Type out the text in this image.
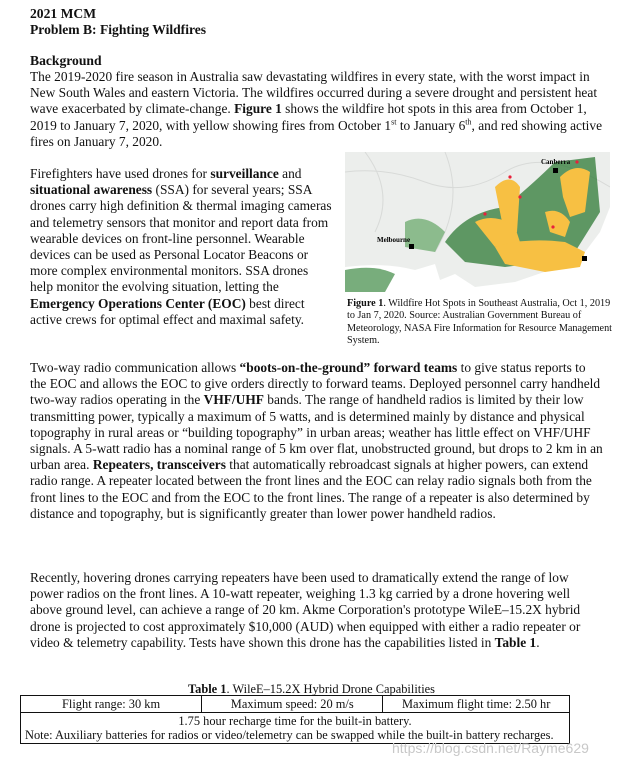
2021 MCM
Problem B: Fighting Wildfires
Background
The 2019-2020 fire season in Australia saw devastating wildfires in every state, with the worst impact in New South Wales and eastern Victoria. The wildfires occurred during a severe drought and persistent heat wave exacerbated by climate-change. Figure 1 shows the wildfire hot spots in this area from October 1, 2019 to January 7, 2020, with yellow showing fires from October 1st to January 6th, and red showing active fires on January 7, 2020.
Firefighters have used drones for surveillance and situational awareness (SSA) for several years; SSA drones carry high definition & thermal imaging cameras and telemetry sensors that monitor and report data from wearable devices on front-line personnel. Wearable devices can be used as Personal Locator Beacons or more complex environmental monitors. SSA drones help monitor the evolving situation, letting the Emergency Operations Center (EOC) best direct active crews for optimal effect and maximal safety.
Canberra
Melbourne
Figure 1. Wildfire Hot Spots in Southeast Australia, Oct 1, 2019 to Jan 7, 2020. Source: Australian Government Bureau of Meteorology, NASA Fire Information for Resource Management System.
Two-way radio communication allows “boots-on-the-ground” forward teams to give status reports to the EOC and allows the EOC to give orders directly to forward teams. Deployed personnel carry handheld two-way radios operating in the VHF/UHF bands. The range of handheld radios is limited by their low transmitting power, typically a maximum of 5 watts, and is determined mainly by distance and physical topography in rural areas or “building topography” in urban areas; weather has little effect on VHF/UHF signals. A 5-watt radio has a nominal range of 5 km over flat, unobstructed ground, but drops to 2 km in an urban area. Repeaters, transceivers that automatically rebroadcast signals at higher powers, can extend radio range. A repeater located between the front lines and the EOC can relay radio signals both from the front lines to the EOC and from the EOC to the front lines. The range of a repeater is also determined by distance and topography, but is significantly greater than lower power handheld radios.
Recently, hovering drones carrying repeaters have been used to dramatically extend the range of low power radios on the front lines. A 10-watt repeater, weighing 1.3 kg carried by a drone hovering well above ground level, can achieve a range of 20 km. Akme Corporation's prototype WileE–15.2X hybrid drone is projected to cost approximately $10,000 (AUD) when equipped with either a radio repeater or video & telemetry capability. Tests have shown this drone has the capabilities listed in Table 1.
Table 1. WileE–15.2X Hybrid Drone Capabilities
Flight range: 30 km	Maximum speed: 20 m/s	Maximum flight time: 2.50 hr

1.75 hour recharge time for the built-in battery.
Note: Auxiliary batteries for radios or video/telemetry can be swapped while the built-in battery recharges.
https://blog.csdn.net/Rayme629
